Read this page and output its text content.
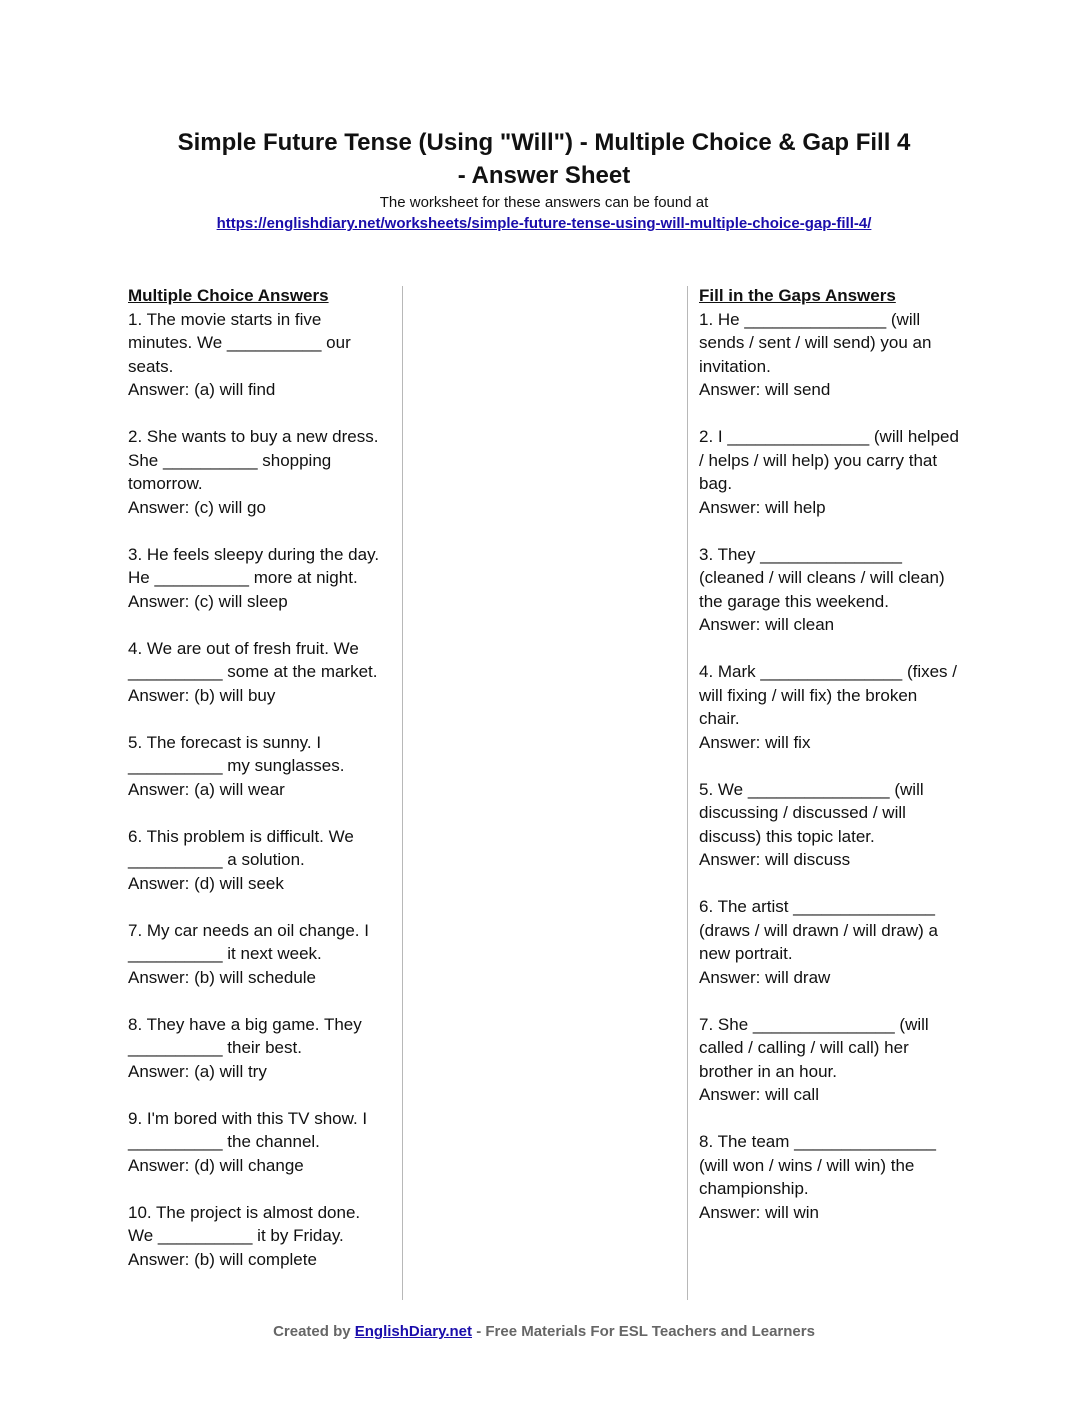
Simple Future Tense (Using "Will") - Multiple Choice & Gap Fill 4
- Answer Sheet
The worksheet for these answers can be found at
https://englishdiary.net/worksheets/simple-future-tense-using-will-multiple-choice-gap-fill-4/

Multiple Choice Answers

1. The movie starts in five minutes. We __________ our seats.
Answer: (a) will find
2. She wants to buy a new dress. She __________ shopping tomorrow.
Answer: (c) will go
3. He feels sleepy during the day. He __________ more at night.
Answer: (c) will sleep
4. We are out of fresh fruit. We __________ some at the market.
Answer: (b) will buy
5. The forecast is sunny. I __________ my sunglasses.
Answer: (a) will wear
6. This problem is difficult. We __________ a solution.
Answer: (d) will seek
7. My car needs an oil change. I __________ it next week.
Answer: (b) will schedule
8. They have a big game. They __________ their best.
Answer: (a) will try
9. I'm bored with this TV show. I __________ the channel.
Answer: (d) will change
10. The project is almost done. We __________ it by Friday.
Answer: (b) will complete

Fill in the Gaps Answers

1. He _______________ (will sends / sent / will send) you an invitation.
Answer: will send
2. I _______________ (will helped / helps / will help) you carry that bag.
Answer: will help
3. They _______________ (cleaned / will cleans / will clean) the garage this weekend.
Answer: will clean
4. Mark _______________ (fixes / will fixing / will fix) the broken chair.
Answer: will fix
5. We _______________ (will discussing / discussed / will discuss) this topic later.
Answer: will discuss
6. The artist _______________ (draws / will drawn / will draw) a new portrait.
Answer: will draw
7. She _______________ (will called / calling / will call) her brother in an hour.
Answer: will call
8. The team _______________ (will won / wins / will win) the championship.
Answer: will win
Created by EnglishDiary.net - Free Materials For ESL Teachers and Learners
